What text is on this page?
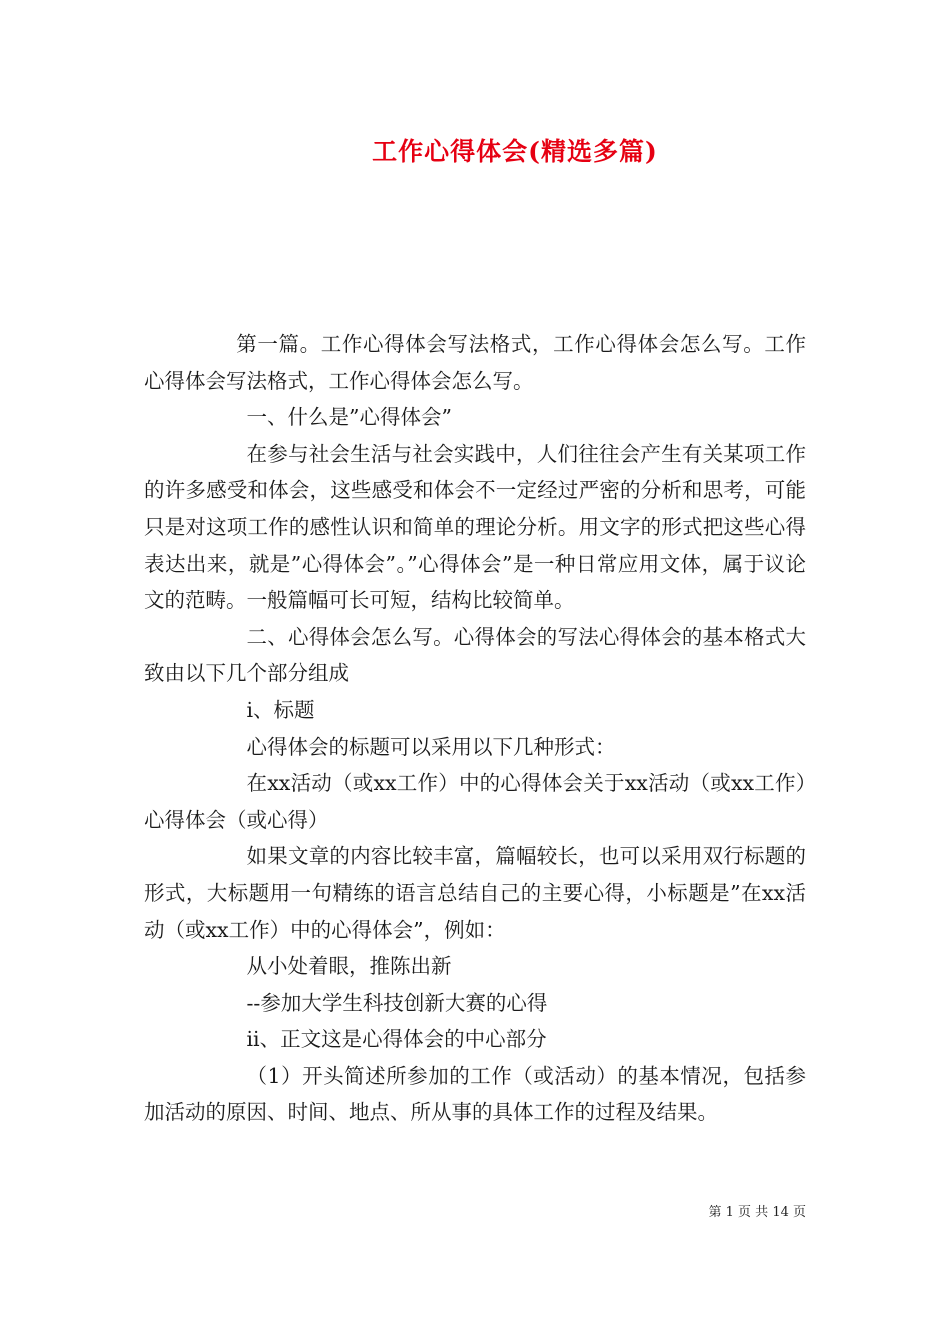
工作心得体会(精选多篇)

第一篇。工作心得体会写法格式，工作心得体会怎么写。工作心得体会写法格式，工作心得体会怎么写。

一、什么是”心得体会”

在参与社会生活与社会实践中，人们往往会产生有关某项工作的许多感受和体会，这些感受和体会不一定经过严密的分析和思考，可能只是对这项工作的感性认识和简单的理论分析。用文字的形式把这些心得表达出来，就是”心得体会”。”心得体会”是一种日常应用文体，属于议论文的范畴。一般篇幅可长可短，结构比较简单。

二、心得体会怎么写。心得体会的写法心得体会的基本格式大致由以下几个部分组成

i、标题

心得体会的标题可以采用以下几种形式：

在xx活动（或xx工作）中的心得体会关于xx活动（或xx工作）心得体会（或心得）

如果文章的内容比较丰富，篇幅较长，也可以采用双行标题的形式，大标题用一句精练的语言总结自己的主要心得，小标题是”在xx活动（或xx工作）中的心得体会”，例如：

从小处着眼，推陈出新

--参加大学生科技创新大赛的心得

ii、正文这是心得体会的中心部分

（1）开头简述所参加的工作（或活动）的基本情况，包括参加活动的原因、时间、地点、所从事的具体工作的过程及结果。

第 1 页 共 14 页
